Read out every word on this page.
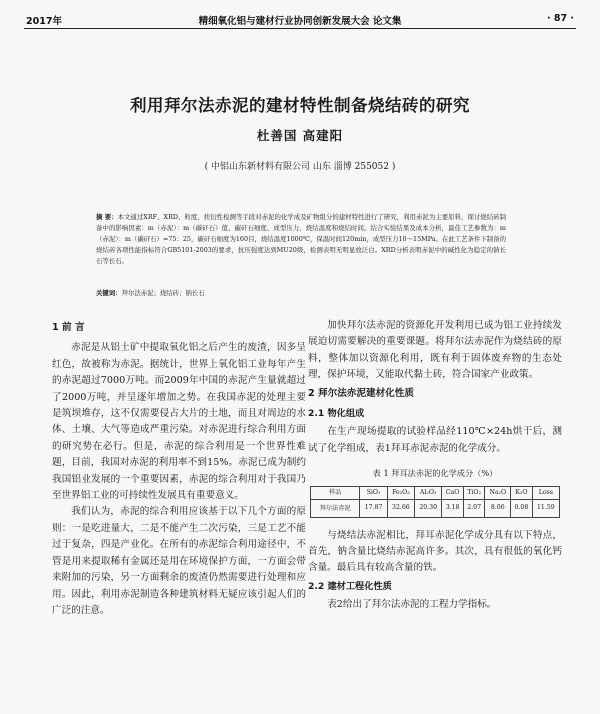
2017年	精细氧化铝与建材行业协同创新发展大会 论文集	· 87 ·
利用拜尔法赤泥的建材特性制备烧结砖的研究
杜善国 高建阳
( 中铝山东新材料有限公司 山东 淄博 255052 )
摘 要：本文通过XRF、XRD、粒度、扶衍性检测等手段对赤泥的化学成及矿物组分的建材特性进行了研究，利用赤泥为主要原料，探讨烧结砖制备中的影响因素：m（赤泥）：m（碳矸石）值、碳矸石细度、成型压力、烧结温度和烧结时间。结合实验结果及成本分析，最佳工艺参数为：m（赤泥）：m（碳矸石）=75：25，碳矸石细度为160目，烧结温度1000℃，保温时间120min，成型压力10～15MPa。在此工艺条件下制备的烧结砖各项性能指标符合GB5101-2003的要求，抗压强度达到MU20级，检测表明无明显放泛白。XRD分析表明赤泥中的碱性化为稳定的钠长石等长石。
关键词：拜尔法赤泥；烧结砖；钠长石
1 前 言

赤泥是从铝土矿中提取氧化铝之后产生的废渣，因多呈红色，故被称为赤泥。据统计，世界上氧化铝工业每年产生的赤泥超过7000万吨。而2009年中国的赤泥产生量就超过了2000万吨，并呈逐年增加之势。在我国赤泥的处理主要是筑坝堆存，这不仅需要侵占大片的土地，而且对周边的水体、土壤、大气等造成严重污染。对赤泥进行综合利用方面的研究势在必行。但是，赤泥的综合利用是一个世界性难题，目前，我国对赤泥的利用率不到15%。赤泥已成为制约我国铝业发展的一个重要因素，赤泥的综合利用对于我国乃至世界铝工业的可持续性发展具有重要意义。

我们认为，赤泥的综合利用应该基于以下几个方面的原则：一是吃进量大，二是不能产生二次污染，三是工艺不能过于复杂，四是产业化。在所有的赤泥综合利用途径中，不管是用来提取稀有金属还是用在环境保护方面，一方面会带来附加的污染，另一方面剩余的废渣仍然需要进行处理和应用。因此，利用赤泥制造各种建筑材料无疑应该引起人们的广泛的注意。

加快拜尔法赤泥的资源化开发利用已成为铝工业持续发展迫切需要解决的重要课题。将拜尔法赤泥作为烧结砖的原料，整体加以资源化利用，既有利于固体废弃物的生态处理，保护环境，又能取代黏土砖，符合国家产业政策。

2 拜尔法赤泥建材化性质
2.1 物化组成

在生产现场提取的试验样品经110℃×24h烘干后，测试了化学组成，表1拜耳赤泥赤泥的化学成分。

表 1 拜耳法赤泥的化学成分（%）
样品	SiO₂	Fe₂O₃	Al₂O₃	CaO	TiO₂	Na₂O	K₂O	Loss
拜尔法赤泥	17.87	32.66	20.30	3.18	2.07	8.06	0.08	11.59

与烧结法赤泥相比，拜耳赤泥化学成分具有以下特点，首先，钠含量比烧结赤泥高许多。其次，具有很低的氧化钙含量。最后具有较高含量的铁。

2.2 建材工程化性质

表2给出了拜尔法赤泥的工程力学指标。
